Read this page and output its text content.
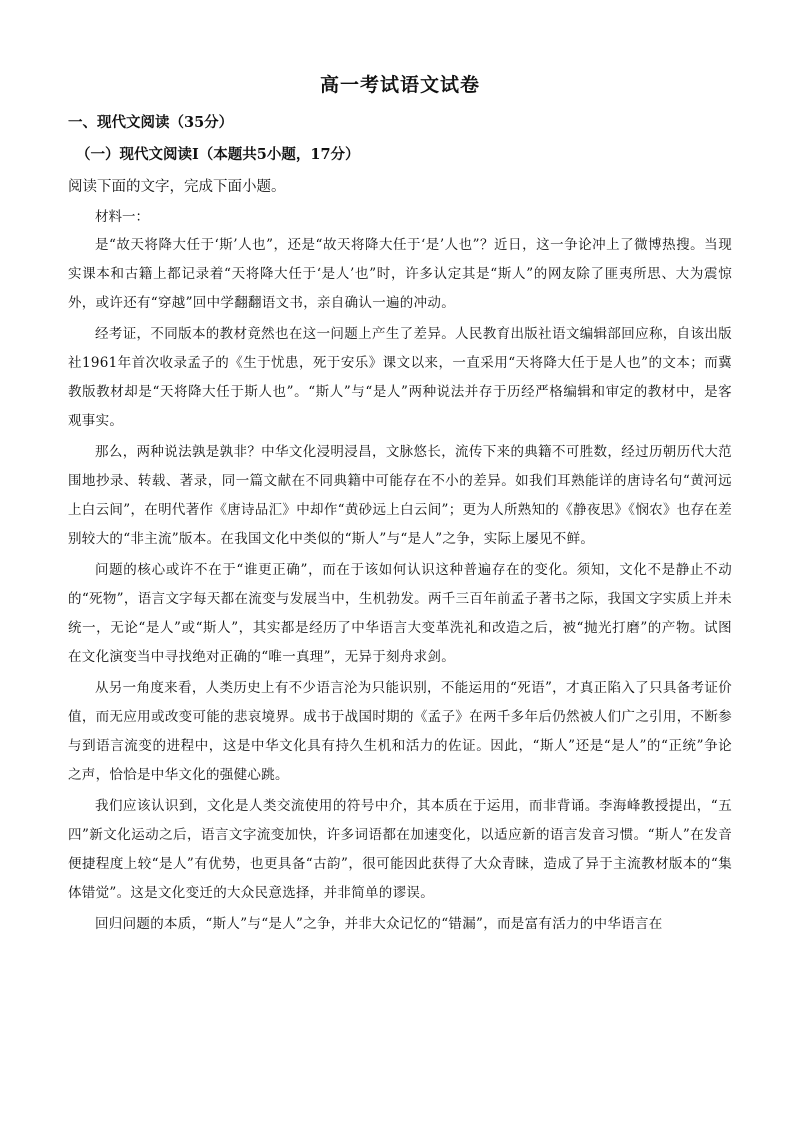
高一考试语文试卷
一、现代文阅读（35分）
（一）现代文阅读Ⅰ（本题共5小题，17分）
阅读下面的文字，完成下面小题。
材料一：

是“故天将降大任于‘斯’人也”，还是“故天将降大任于‘是’人也”？近日，这一争论冲上了微博热搜。当现实课本和古籍上都记录着“天将降大任于‘是人’也”时，许多认定其是“斯人”的网友除了匪夷所思、大为震惊外，或许还有“穿越”回中学翻翻语文书，亲自确认一遍的冲动。

经考证，不同版本的教材竟然也在这一问题上产生了差异。人民教育出版社语文编辑部回应称，自该出版社1961年首次收录孟子的《生于忧患，死于安乐》课文以来，一直采用“天将降大任于是人也”的文本；而冀教版教材却是“天将降大任于斯人也”。“斯人”与“是人”两种说法并存于历经严格编辑和审定的教材中，是客观事实。

那么，两种说法孰是孰非？中华文化浸明浸昌，文脉悠长，流传下来的典籍不可胜数，经过历朝历代大范围地抄录、转载、著录，同一篇文献在不同典籍中可能存在不小的差异。如我们耳熟能详的唐诗名句“黄河远上白云间”，在明代著作《唐诗品汇》中却作“黄砂远上白云间”；更为人所熟知的《静夜思》《悯农》也存在差别较大的“非主流”版本。在我国文化中类似的“斯人”与“是人”之争，实际上屡见不鲜。

问题的核心或许不在于“谁更正确”，而在于该如何认识这种普遍存在的变化。须知，文化不是静止不动的“死物”，语言文字每天都在流变与发展当中，生机勃发。两千三百年前孟子著书之际，我国文字实质上并未统一，无论“是人”或“斯人”，其实都是经历了中华语言大变革洗礼和改造之后，被“抛光打磨”的产物。试图在文化演变当中寻找绝对正确的“唯一真理”，无异于刻舟求剑。

从另一角度来看，人类历史上有不少语言沦为只能识别，不能运用的“死语”，才真正陷入了只具备考证价值，而无应用或改变可能的悲哀境界。成书于战国时期的《孟子》在两千多年后仍然被人们广之引用，不断参与到语言流变的进程中，这是中华文化具有持久生机和活力的佐证。因此，“斯人”还是“是人”的“正统”争论之声，恰恰是中华文化的强健心跳。

我们应该认识到，文化是人类交流使用的符号中介，其本质在于运用，而非背诵。李海峰教授提出，“五四”新文化运动之后，语言文字流变加快，许多词语都在加速变化，以适应新的语言发音习惯。“斯人”在发音便捷程度上较“是人”有优势，也更具备“古韵”，很可能因此获得了大众青睐，造成了异于主流教材版本的“集体错觉”。这是文化变迁的大众民意选择，并非简单的谬误。

回归问题的本质，“斯人”与“是人”之争，并非大众记忆的“错漏”，而是富有活力的中华语言在
